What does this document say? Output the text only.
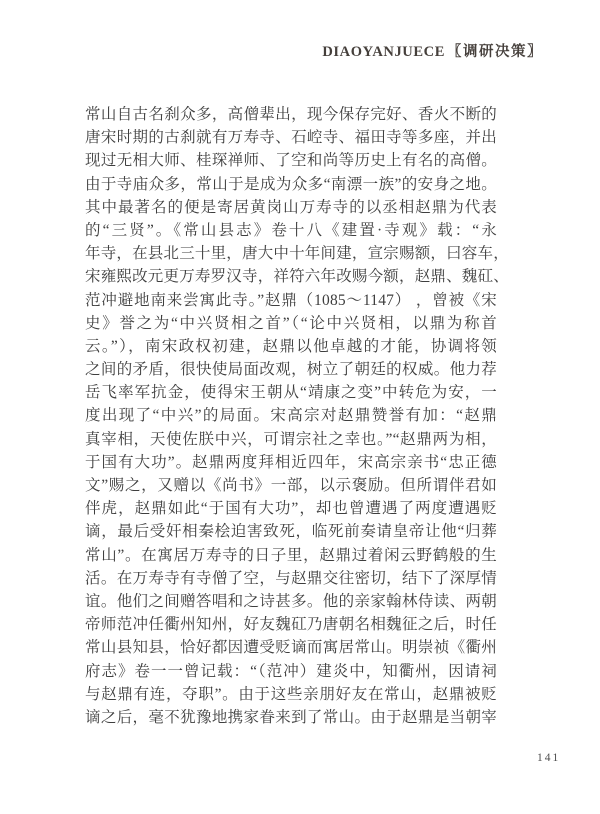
DIAOYANJUECE 〖调研决策〗
常山自古名刹众多，高僧辈出，现今保存完好、香火不断的
唐宋时期的古刹就有万寿寺、石崆寺、福田寺等多座，并出
现过无相大师、桂琛禅师、了空和尚等历史上有名的高僧。
由于寺庙众多，常山于是成为众多“南漂一族”的安身之地。
其中最著名的便是寄居黄岗山万寿寺的以丞相赵鼎为代表
的“三贤”。《常山县志》卷十八《建置·寺观》载：“永
年寺，在县北三十里，唐大中十年间建，宣宗赐额，曰容车，
宋雍熙改元更万寿罗汉寺，祥符六年改赐今额，赵鼎、魏矼、
范冲避地南来尝寓此寺。”赵鼎（1085～1147） ，曾被《宋
史》誉之为“中兴贤相之首”（“论中兴贤相，以鼎为称首
云。”），南宋政权初建，赵鼎以他卓越的才能，协调将领
之间的矛盾，很快使局面改观，树立了朝廷的权威。他力荐
岳飞率军抗金，使得宋王朝从“靖康之变”中转危为安，一
度出现了“中兴”的局面。宋高宗对赵鼎赞誉有加：“赵鼎
真宰相，天使佐朕中兴，可谓宗社之幸也。”“赵鼎两为相，
于国有大功”。赵鼎两度拜相近四年，宋高宗亲书“忠正德
文”赐之，又赠以《尚书》一部，以示褒励。但所谓伴君如
伴虎，赵鼎如此“于国有大功”，却也曾遭遇了两度遭遇贬
谪，最后受奸相秦桧迫害致死，临死前奏请皇帝让他“归葬
常山”。在寓居万寿寺的日子里，赵鼎过着闲云野鹤般的生
活。在万寿寺有寺僧了空，与赵鼎交往密切，结下了深厚情
谊。他们之间赠答唱和之诗甚多。他的亲家翰林侍读、两朝
帝师范冲任衢州知州，好友魏矼乃唐朝名相魏征之后，时任
常山县知县，恰好都因遭受贬谪而寓居常山。明崇祯《衢州
府志》卷一一曾记载：“（范冲）建炎中，知衢州，因请祠
与赵鼎有连，夺职”。由于这些亲朋好友在常山，赵鼎被贬
谪之后，毫不犹豫地携家眷来到了常山。由于赵鼎是当朝宰
141
